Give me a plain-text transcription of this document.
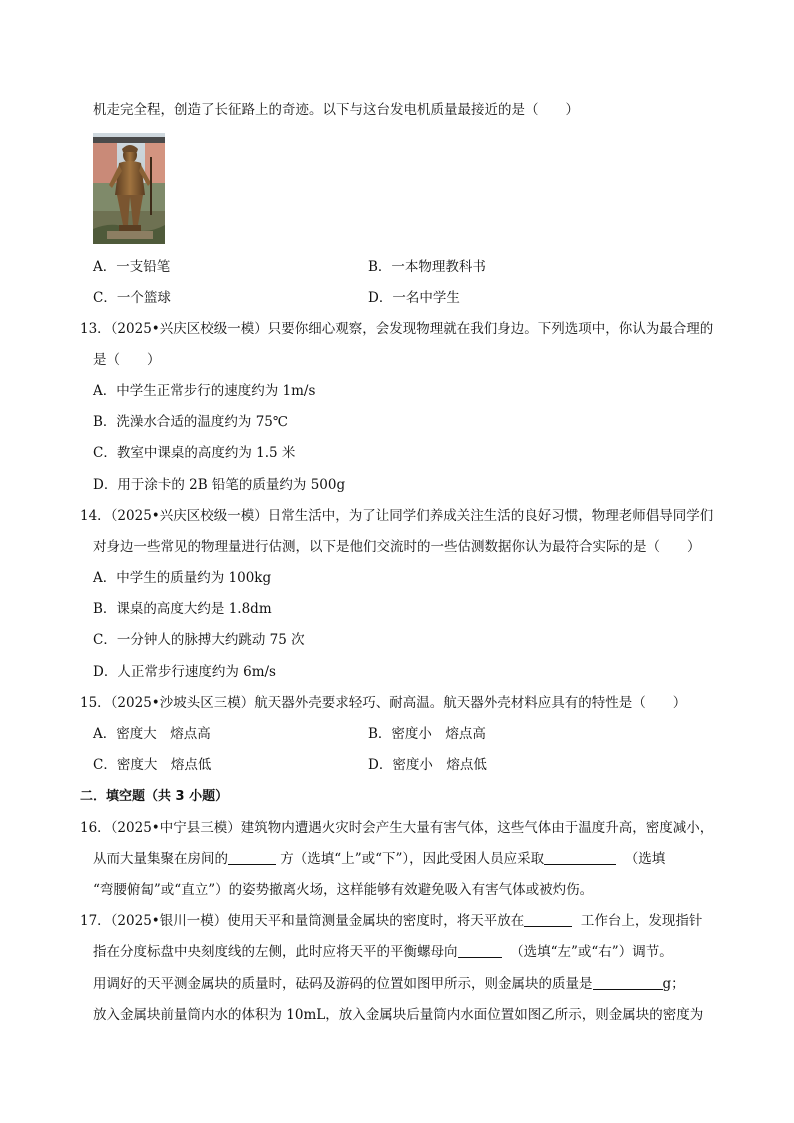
机走完全程，创造了长征路上的奇迹。以下与这台发电机质量最接近的是（　　）
A．一支铅笔	B．一本物理教科书
C．一个篮球	D．一名中学生
13．（2025•兴庆区校级一模）只要你细心观察，会发现物理就在我们身边。下列选项中，你认为最合理的
是（　　）
A．中学生正常步行的速度约为 1m/s
B．洗澡水合适的温度约为 75℃
C．教室中课桌的高度约为 1.5 米
D．用于涂卡的 2B 铅笔的质量约为 500g
14．（2025•兴庆区校级一模）日常生活中，为了让同学们养成关注生活的良好习惯，物理老师倡导同学们
对身边一些常见的物理量进行估测，以下是他们交流时的一些估测数据你认为最符合实际的是（　　）
A．中学生的质量约为 100kg
B．课桌的高度大约是 1.8dm
C．一分钟人的脉搏大约跳动 75 次
D．人正常步行速度约为 6m/s
15．（2025•沙坡头区三模）航天器外壳要求轻巧、耐高温。航天器外壳材料应具有的特性是（　　）
A．密度大　熔点高	B．密度小　熔点高
C．密度大　熔点低	D．密度小　熔点低
二．填空题（共 3 小题）
16．（2025•中宁县三模）建筑物内遭遇火灾时会产生大量有害气体，这些气体由于温度升高，密度减小，
从而大量集聚在房间的	方（选填“上”或“下”），因此受困人员应采取	（选填
“弯腰俯匐”或“直立”）的姿势撤离火场，这样能够有效避免吸入有害气体或被灼伤。
17．（2025•银川一模）使用天平和量筒测量金属块的密度时，将天平放在	工作台上，发现指针
指在分度标盘中央刻度线的左侧，此时应将天平的平衡螺母向	（选填“左”或“右”）调节。
用调好的天平测金属块的质量时，砝码及游码的位置如图甲所示，则金属块的质量是	g；
放入金属块前量筒内水的体积为 10mL，放入金属块后量筒内水面位置如图乙所示，则金属块的密度为
